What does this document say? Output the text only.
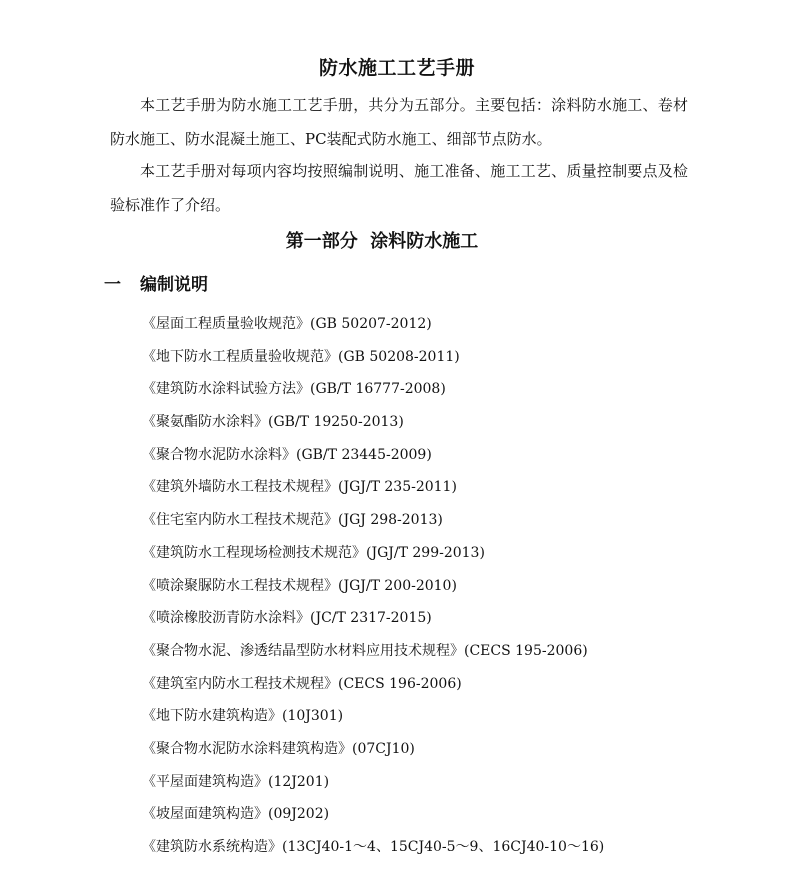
防水施工工艺手册

本工艺手册为防水施工工艺手册，共分为五部分。主要包括：涂料防水施工、卷材防水施工、防水混凝土施工、PC装配式防水施工、细部节点防水。

本工艺手册对每项内容均按照编制说明、施工准备、施工工艺、质量控制要点及检验标准作了介绍。

第一部分  涂料防水施工
一 编制说明
《屋面工程质量验收规范》(GB 50207-2012)
《地下防水工程质量验收规范》(GB 50208-2011)
《建筑防水涂料试验方法》(GB/T 16777-2008)
《聚氨酯防水涂料》(GB/T 19250-2013)
《聚合物水泥防水涂料》(GB/T 23445-2009)
《建筑外墙防水工程技术规程》(JGJ/T 235-2011)
《住宅室内防水工程技术规范》(JGJ 298-2013)
《建筑防水工程现场检测技术规范》(JGJ/T 299-2013)
《喷涂聚脲防水工程技术规程》(JGJ/T 200-2010)
《喷涂橡胶沥青防水涂料》(JC/T 2317-2015)
《聚合物水泥、渗透结晶型防水材料应用技术规程》(CECS 195-2006)
《建筑室内防水工程技术规程》(CECS 196-2006)
《地下防水建筑构造》(10J301)
《聚合物水泥防水涂料建筑构造》(07CJ10)
《平屋面建筑构造》(12J201)
《坡屋面建筑构造》(09J202)
《建筑防水系统构造》(13CJ40-1～4、15CJ40-5～9、16CJ40-10～16)
